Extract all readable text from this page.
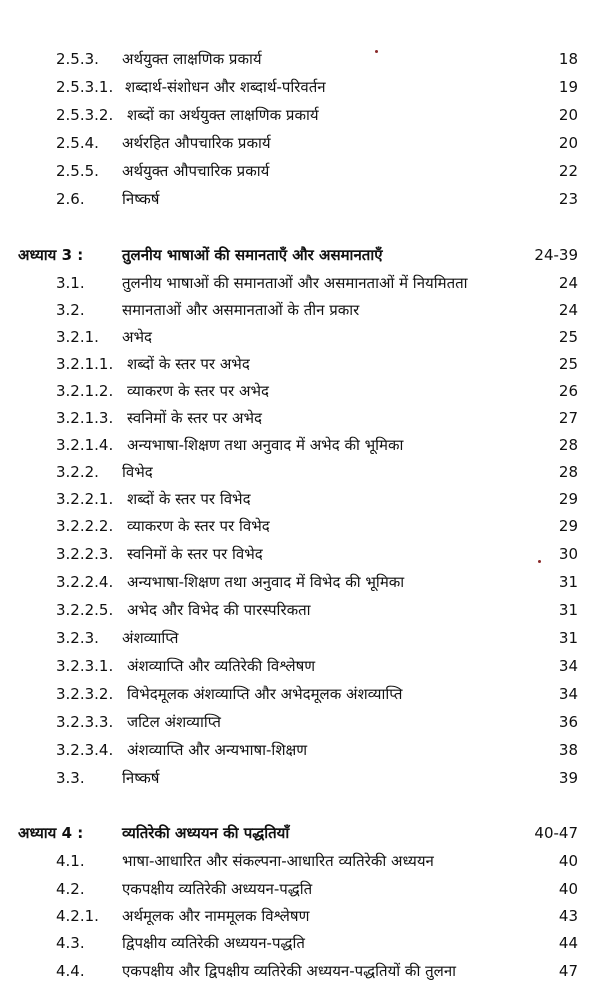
2.5.3. अर्थयुक्त लाक्षणिक प्रकार्य	18
2.5.3.1. शब्दार्थ-संशोधन और शब्दार्थ-परिवर्तन	19
2.5.3.2. शब्दों का अर्थयुक्त लाक्षणिक प्रकार्य	20
2.5.4. अर्थरहित औपचारिक प्रकार्य	20
2.5.5. अर्थयुक्त औपचारिक प्रकार्य	22
2.6. निष्कर्ष	23
अध्याय 3 :	तुलनीय भाषाओं की समानताएँ और असमानताएँ	24-39
3.1. तुलनीय भाषाओं की समानताओं और असमानताओं में नियमितता	24
3.2. समानताओं और असमानताओं के तीन प्रकार	24
3.2.1. अभेद	25
3.2.1.1. शब्दों के स्तर पर अभेद	25
3.2.1.2. व्याकरण के स्तर पर अभेद	26
3.2.1.3. स्वनिमों के स्तर पर अभेद	27
3.2.1.4. अन्यभाषा-शिक्षण तथा अनुवाद में अभेद की भूमिका	28
3.2.2. विभेद	28
3.2.2.1. शब्दों के स्तर पर विभेद	29
3.2.2.2. व्याकरण के स्तर पर विभेद	29
3.2.2.3. स्वनिमों के स्तर पर विभेद	30
3.2.2.4. अन्यभाषा-शिक्षण तथा अनुवाद में विभेद की भूमिका	31
3.2.2.5. अभेद और विभेद की पारस्परिकता	31
3.2.3. अंशव्याप्ति	31
3.2.3.1. अंशव्याप्ति और व्यतिरेकी विश्लेषण	34
3.2.3.2. विभेदमूलक अंशव्याप्ति और अभेदमूलक अंशव्याप्ति	34
3.2.3.3. जटिल अंशव्याप्ति	36
3.2.3.4. अंशव्याप्ति और अन्यभाषा-शिक्षण	38
3.3. निष्कर्ष	39
अध्याय 4 :	व्यतिरेकी अध्ययन की पद्धतियाँ	40-47
4.1. भाषा-आधारित और संकल्पना-आधारित व्यतिरेकी अध्ययन	40
4.2. एकपक्षीय व्यतिरेकी अध्ययन-पद्धति	40
4.2.1. अर्थमूलक और नाममूलक विश्लेषण	43
4.3. द्विपक्षीय व्यतिरेकी अध्ययन-पद्धति	44
4.4. एकपक्षीय और द्विपक्षीय व्यतिरेकी अध्ययन-पद्धतियों की तुलना	47
